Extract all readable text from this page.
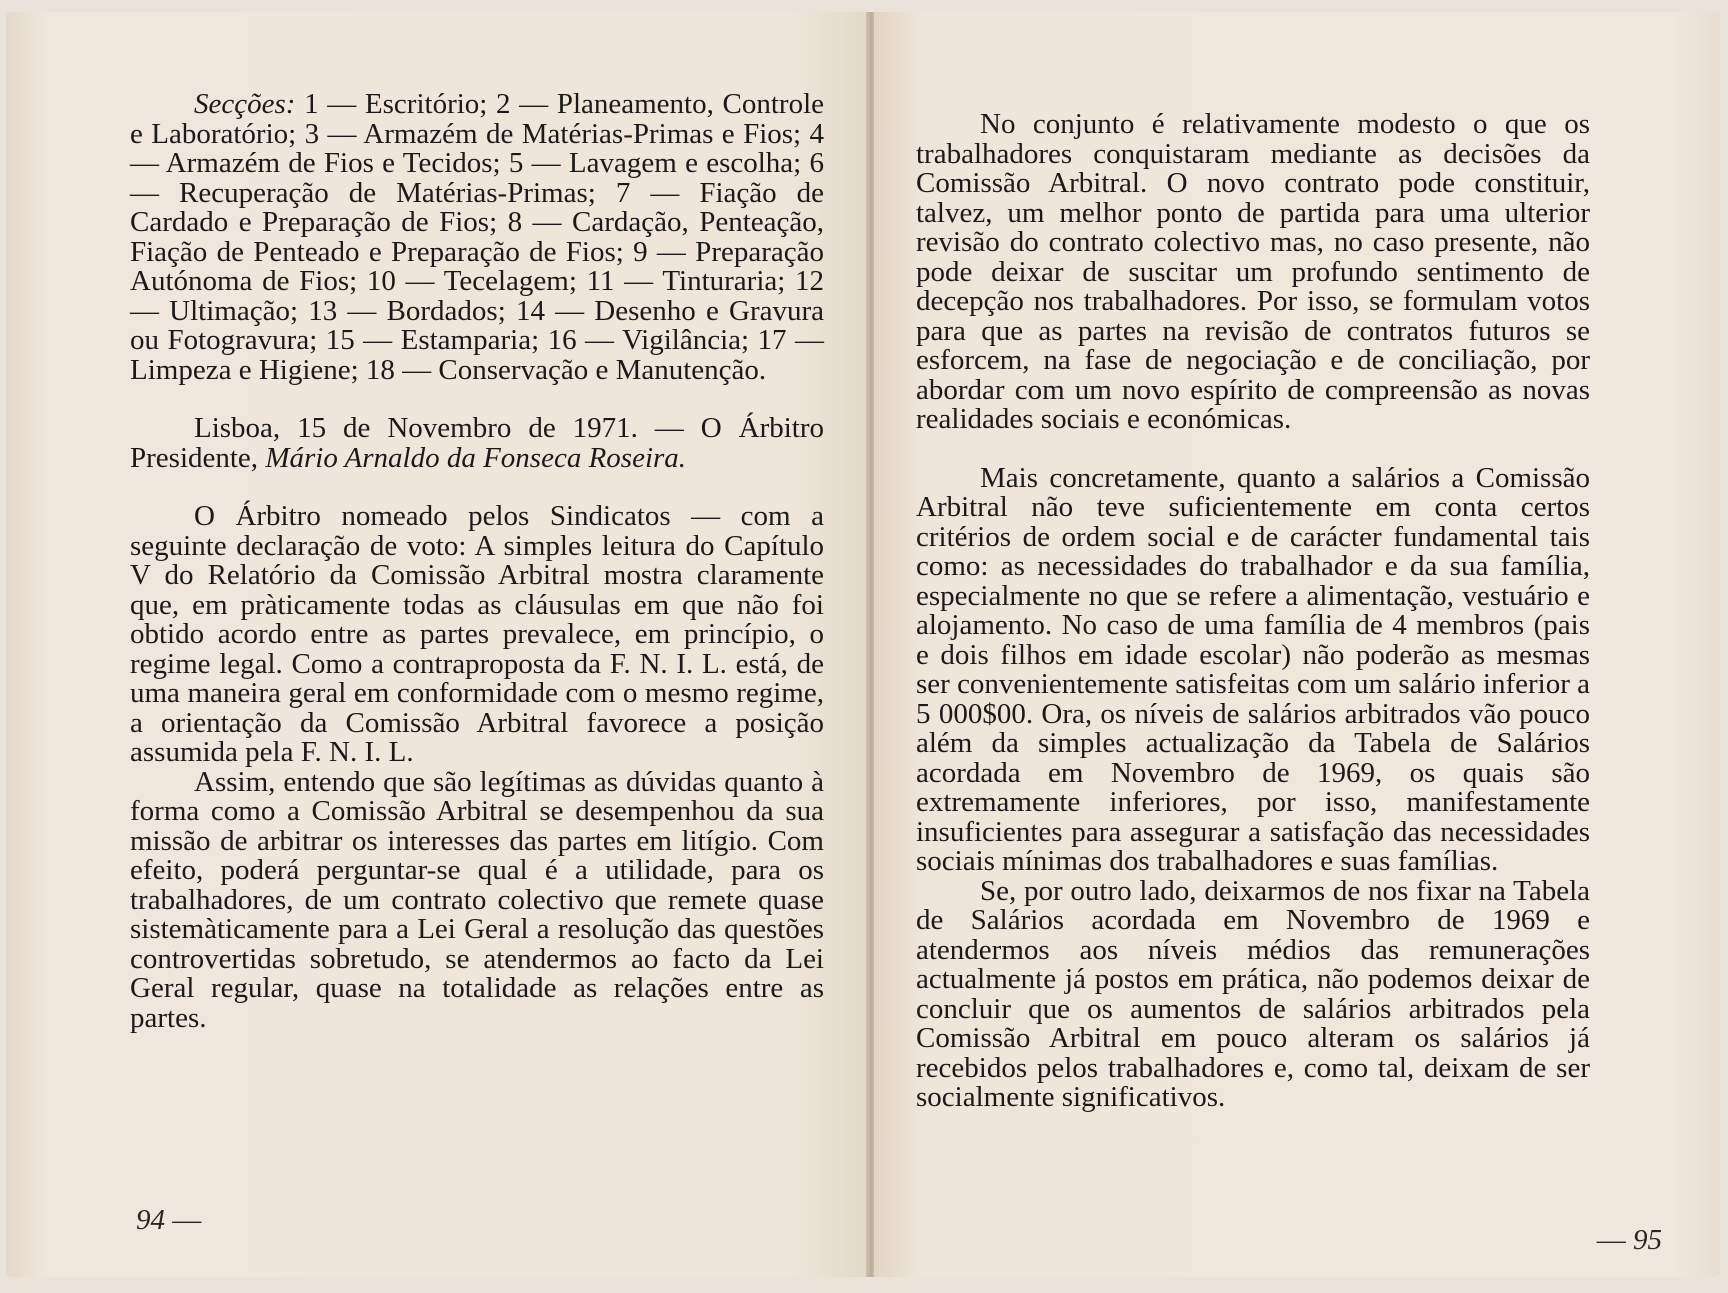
Secções: 1 — Escritório; 2 — Planeamento, Controle e Laboratório; 3 — Armazém de Matérias-Primas e Fios; 4 — Armazém de Fios e Tecidos; 5 — Lavagem e escolha; 6 — Recuperação de Matérias-Primas; 7 — Fiação de Cardado e Preparação de Fios; 8 — Cardação, Penteação, Fiação de Penteado e Preparação de Fios; 9 — Preparação Autónoma de Fios; 10 — Tecelagem; 11 — Tinturaria; 12 — Ultimação; 13 — Bordados; 14 — Desenho e Gravura ou Fotogravura; 15 — Estamparia; 16 — Vigilância; 17 — Limpeza e Higiene; 18 — Conservação e Manutenção.

Lisboa, 15 de Novembro de 1971. — O Árbitro Presidente, Mário Arnaldo da Fonseca Roseira.

O Árbitro nomeado pelos Sindicatos — com a seguinte declaração de voto: A simples leitura do Capítulo V do Relatório da Comissão Arbitral mostra claramente que, em pràticamente todas as cláusulas em que não foi obtido acordo entre as partes prevalece, em princípio, o regime legal. Como a contraproposta da F. N. I. L. está, de uma maneira geral em conformidade com o mesmo regime, a orientação da Comissão Arbitral favorece a posição assumida pela F. N. I. L.

Assim, entendo que são legítimas as dúvidas quanto à forma como a Comissão Arbitral se desempenhou da sua missão de arbitrar os interesses das partes em litígio. Com efeito, poderá perguntar-se qual é a utilidade, para os trabalhadores, de um contrato colectivo que remete quase sistemàticamente para a Lei Geral a resolução das questões controvertidas sobretudo, se atendermos ao facto da Lei Geral regular, quase na totalidade as relações entre as partes.

94 —

No conjunto é relativamente modesto o que os trabalhadores conquistaram mediante as decisões da Comissão Arbitral. O novo contrato pode constituir, talvez, um melhor ponto de partida para uma ulterior revisão do contrato colectivo mas, no caso presente, não pode deixar de suscitar um profundo sentimento de decepção nos trabalhadores. Por isso, se formulam votos para que as partes na revisão de contratos futuros se esforcem, na fase de negociação e de conciliação, por abordar com um novo espírito de compreensão as novas realidades sociais e económicas.

Mais concretamente, quanto a salários a Comissão Arbitral não teve suficientemente em conta certos critérios de ordem social e de carácter fundamental tais como: as necessidades do trabalhador e da sua família, especialmente no que se refere a alimentação, vestuário e alojamento. No caso de uma família de 4 membros (pais e dois filhos em idade escolar) não poderão as mesmas ser convenientemente satisfeitas com um salário inferior a 5 000$00. Ora, os níveis de salários arbitrados vão pouco além da simples actualização da Tabela de Salários acordada em Novembro de 1969, os quais são extremamente inferiores, por isso, manifestamente insuficientes para assegurar a satisfação das necessidades sociais mínimas dos trabalhadores e suas famílias.

Se, por outro lado, deixarmos de nos fixar na Tabela de Salários acordada em Novembro de 1969 e atendermos aos níveis médios das remunerações actualmente já postos em prática, não podemos deixar de concluir que os aumentos de salários arbitrados pela Comissão Arbitral em pouco alteram os salários já recebidos pelos trabalhadores e, como tal, deixam de ser socialmente significativos.

— 95
